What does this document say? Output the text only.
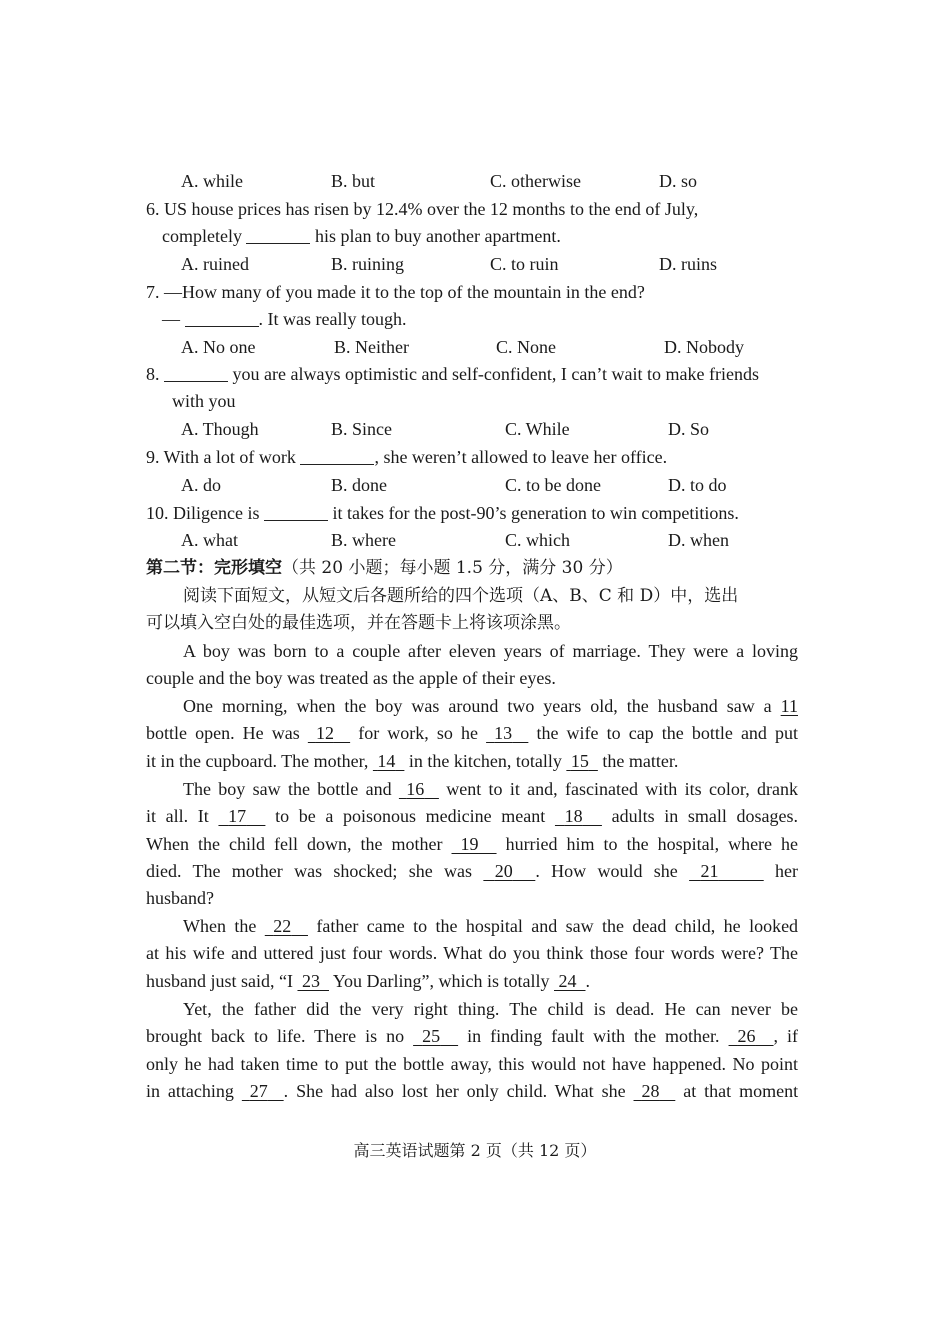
A. while	B. but	C. otherwise	D. so
6. US house prices has risen by 12.4% over the 12 months to the end of July,
completely	his plan to buy another apartment.
A. ruined	B. ruining	C. to ruin	D. ruins
7. —How many of you made it to the top of the mountain in the end?
—	. It was really tough.
A. No one	B. Neither	C. None	D. Nobody
8.	you are always optimistic and self-confident, I can’t wait to make friends
with you
A. Though	B. Since	C. While	D. So
9. With a lot of work	, she weren’t allowed to leave her office.
A. do	B. done	C. to be done	D. to do
10. Diligence is	it takes for the post-90’s generation to win competitions.
A. what	B. where	C. which	D. when
第二节：完形填空（共 20 小题；每小题 1.5 分，满分 30 分）
阅读下面短文，从短文后各题所给的四个选项（A、B、C 和 D）中，选出
可以填入空白处的最佳选项，并在答题卡上将该项涂黑。
A boy was born to a couple after eleven years of marriage. They were a loving
couple and the boy was treated as the apple of their eyes.
One morning, when the boy was around two years old, the husband saw a 11
bottle open. He was 12 for work, so he 13 the wife to cap the bottle and put
it in the cupboard. The mother, 14 in the kitchen, totally 15 the matter.
The boy saw the bottle and 16 went to it and, fascinated with its color, drank
it all. It 17 to be a poisonous medicine meant 18 adults in small dosages.
When the child fell down, the mother 19 hurried him to the hospital, where he
died. The mother was shocked; she was 20 . How would she 21	her
husband?
When the 22 father came to the hospital and saw the dead child, he looked
at his wife and uttered just four words. What do you think those four words were? The
husband just said, “I 23 You Darling”, which is totally 24 .
Yet, the father did the very right thing. The child is dead. He can never be
brought back to life. There is no 25 in finding fault with the mother. 26 , if
only he had taken time to put the bottle away, this would not have happened. No point
in attaching 27 . She had also lost her only child. What she 28 at that moment
高三英语试题第 2 页（共 12 页）
